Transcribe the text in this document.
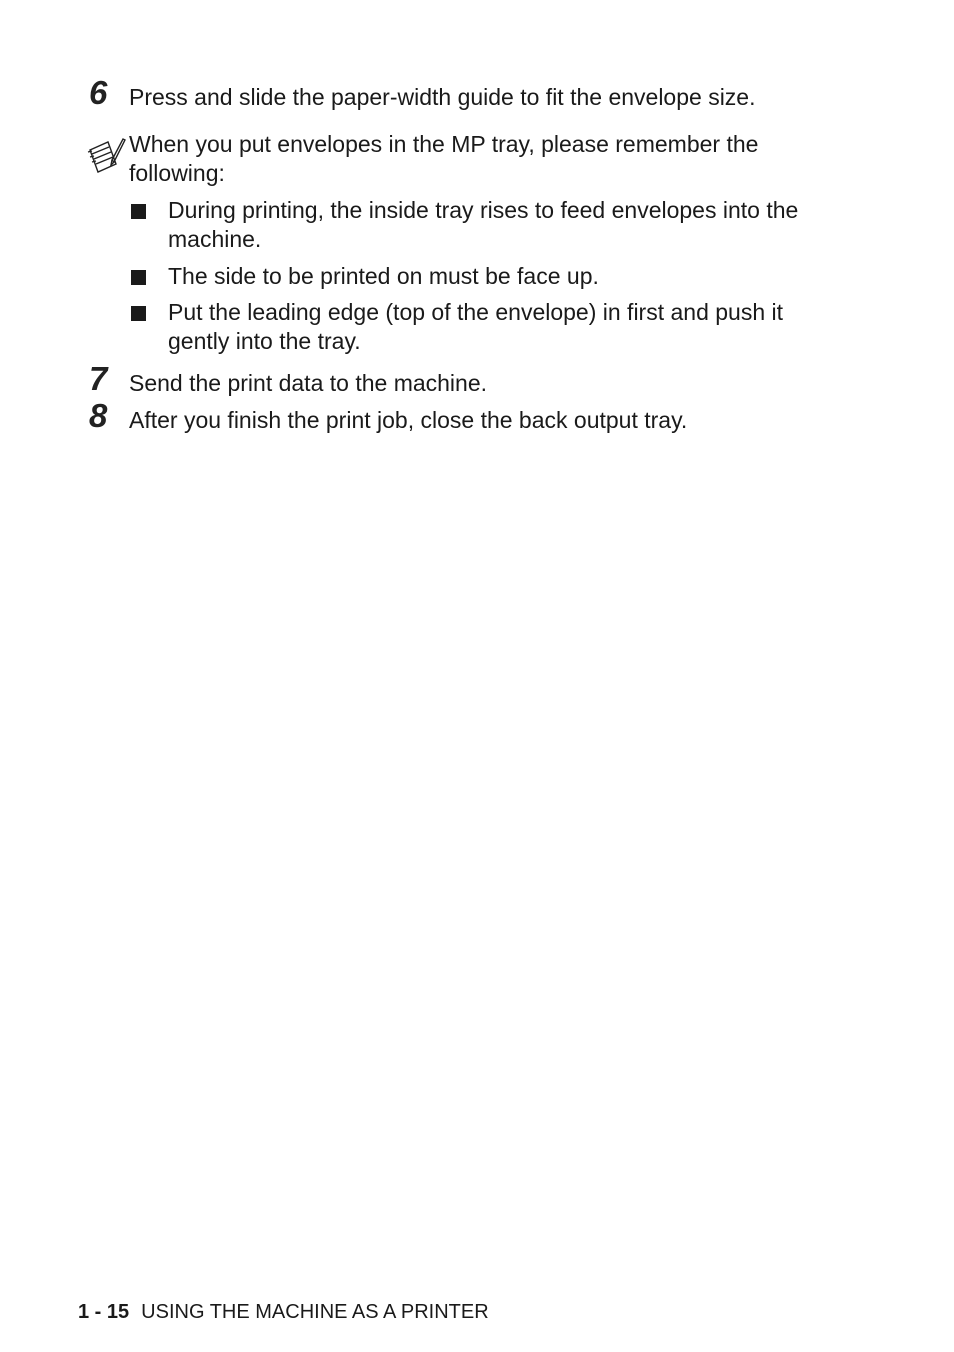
6 Press and slide the paper-width guide to fit the envelope size.
When you put envelopes in the MP tray, please remember the following:
During printing, the inside tray rises to feed envelopes into the machine.
The side to be printed on must be face up.
Put the leading edge (top of the envelope) in first and push it gently into the tray.
7 Send the print data to the machine.
8 After you finish the print job, close the back output tray.
1 - 15 USING THE MACHINE AS A PRINTER
